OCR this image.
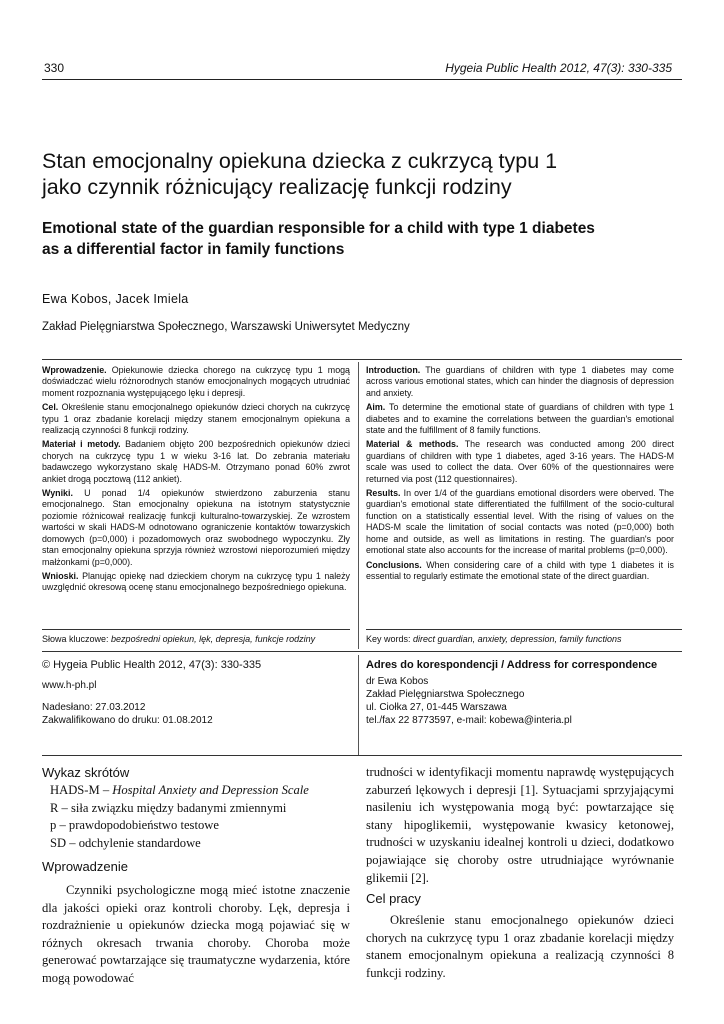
330	Hygeia Public Health 2012, 47(3): 330-335
Stan emocjonalny opiekuna dziecka z cukrzycą typu 1
jako czynnik różnicujący realizację funkcji rodziny
Emotional state of the guardian responsible for a child with type 1 diabetes
as a differential factor in family functions
Ewa Kobos, Jacek Imiela
Zakład Pielęgniarstwa Społecznego, Warszawski Uniwersytet Medyczny

Wprowadzenie. Opiekunowie dziecka chorego na cukrzycę typu 1 mogą doświadczać wielu różnorodnych stanów emocjonalnych mogących utrudniać moment rozpoznania występującego lęku i depresji.

Cel. Określenie stanu emocjonalnego opiekunów dzieci chorych na cukrzycę typu 1 oraz zbadanie korelacji między stanem emocjonalnym opiekuna a realizacją czynności 8 funkcji rodziny.

Materiał i metody. Badaniem objęto 200 bezpośrednich opiekunów dzieci chorych na cukrzycę typu 1 w wieku 3-16 lat. Do zebrania materiału badawczego wykorzystano skalę HADS-M. Otrzymano ponad 60% zwrot ankiet drogą pocztową (112 ankiet).

Wyniki. U ponad 1/4 opiekunów stwierdzono zaburzenia stanu emocjonalnego. Stan emocjonalny opiekuna na istotnym statystycznie poziomie różnicował realizację funkcji kulturalno-towarzyskiej. Ze wzrostem wartości w skali HADS-M odnotowano ograniczenie kontaktów towarzyskich domowych (p=0,000) i pozadomowych oraz swobodnego wypoczynku. Zły stan emocjonalny opiekuna sprzyja również wzrostowi nieporozumień między małżonkami (p=0,000).

Wnioski. Planując opiekę nad dzieckiem chorym na cukrzycę typu 1 należy uwzględnić okresową ocenę stanu emocjonalnego bezpośredniego opiekuna.

Introduction. The guardians of children with type 1 diabetes may come across various emotional states, which can hinder the diagnosis of depression and anxiety.

Aim. To determine the emotional state of guardians of children with type 1 diabetes and to examine the correlations between the guardian's emotional state and the fulfillment of 8 family functions.

Material & methods. The research was conducted among 200 direct guardians of children with type 1 diabetes, aged 3-16 years. The HADS-M scale was used to collect the data. Over 60% of the questionnaires were returned via post (112 questionnaires).

Results. In over 1/4 of the guardians emotional disorders were oberved. The guardian's emotional state differentiated the fulfillment of the socio-cultural function on a statistically essential level. With the rising of values on the HADS-M scale the limitation of social contacts was noted (p=0,000) both home and outside, as well as limitations in resting. The guardian's poor emotional state also accounts for the increase of marital problems (p=0,000).

Conclusions. When considering care of a child with type 1 diabetes it is essential to regularly estimate the emotional state of the direct guardian.

Słowa kluczowe: bezpośredni opiekun, lęk, depresja, funkcje rodziny	Key words: direct guardian, anxiety, depression, family functions
© Hygeia Public Health 2012, 47(3): 330-335
www.h-ph.pl
Nadesłano: 27.03.2012
Zakwalifikowano do druku: 01.08.2012
Adres do korespondencji / Address for correspondence
dr Ewa Kobos
Zakład Pielęgniarstwa Społecznego
ul. Ciołka 27, 01-445 Warszawa
tel./fax 22 8773597, e-mail: kobewa@interia.pl
Wykaz skrótów
HADS-M – Hospital Anxiety and Depression Scale
R – siła związku między badanymi zmiennymi
p – prawdopodobieństwo testowe
SD – odchylenie standardowe
Wprowadzenie
Czynniki psychologiczne mogą mieć istotne znaczenie dla jakości opieki oraz kontroli choroby. Lęk, depresja i rozdrażnienie u opiekunów dziecka mogą pojawiać się w różnych okresach trwania choroby. Choroba może generować powtarzające się traumatyczne wydarzenia, które mogą powodować
trudności w identyfikacji momentu naprawdę występujących zaburzeń lękowych i depresji [1]. Sytuacjami sprzyjającymi nasileniu ich występowania mogą być: powtarzające się stany hipoglikemii, występowanie kwasicy ketonowej, trudności w uzyskaniu idealnej kontroli u dzieci, dodatkowo pojawiające się choroby ostre utrudniające wyrównanie glikemii [2].
Cel pracy
Określenie stanu emocjonalnego opiekunów dzieci chorych na cukrzycę typu 1 oraz zbadanie korelacji między stanem emocjonalnym opiekuna a realizacją czynności 8 funkcji rodziny.
